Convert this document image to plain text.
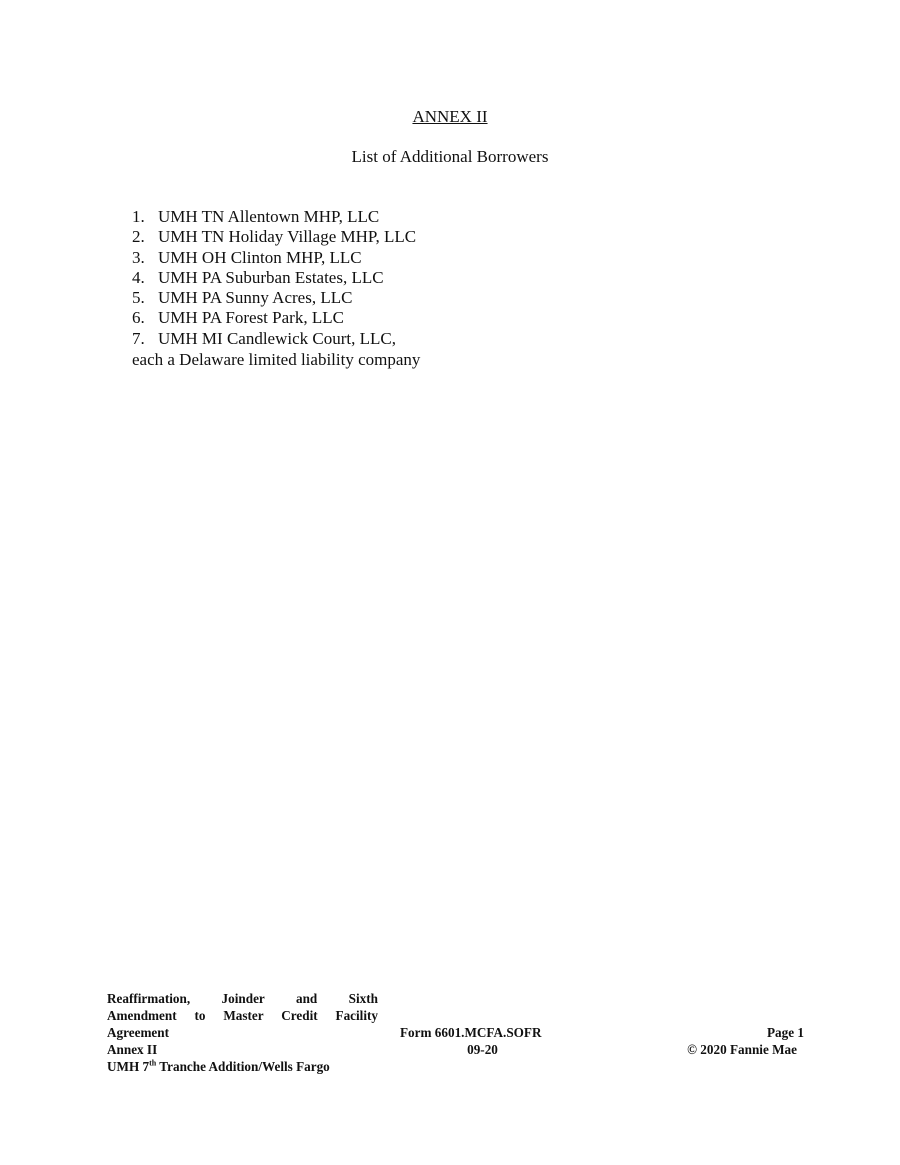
ANNEX II
List of Additional Borrowers
1. UMH TN Allentown MHP, LLC
2. UMH TN Holiday Village MHP, LLC
3. UMH OH Clinton MHP, LLC
4. UMH PA Suburban Estates, LLC
5. UMH PA Sunny Acres, LLC
6. UMH PA Forest Park, LLC
7. UMH MI Candlewick Court, LLC,
each a Delaware limited liability company
Reaffirmation, Joinder and Sixth
Amendment to Master Credit Facility
Agreement
Annex II
UMH 7th Tranche Addition/Wells Fargo
Form 6601.MCFA.SOFR
09-20
Page 1
© 2020 Fannie Mae
